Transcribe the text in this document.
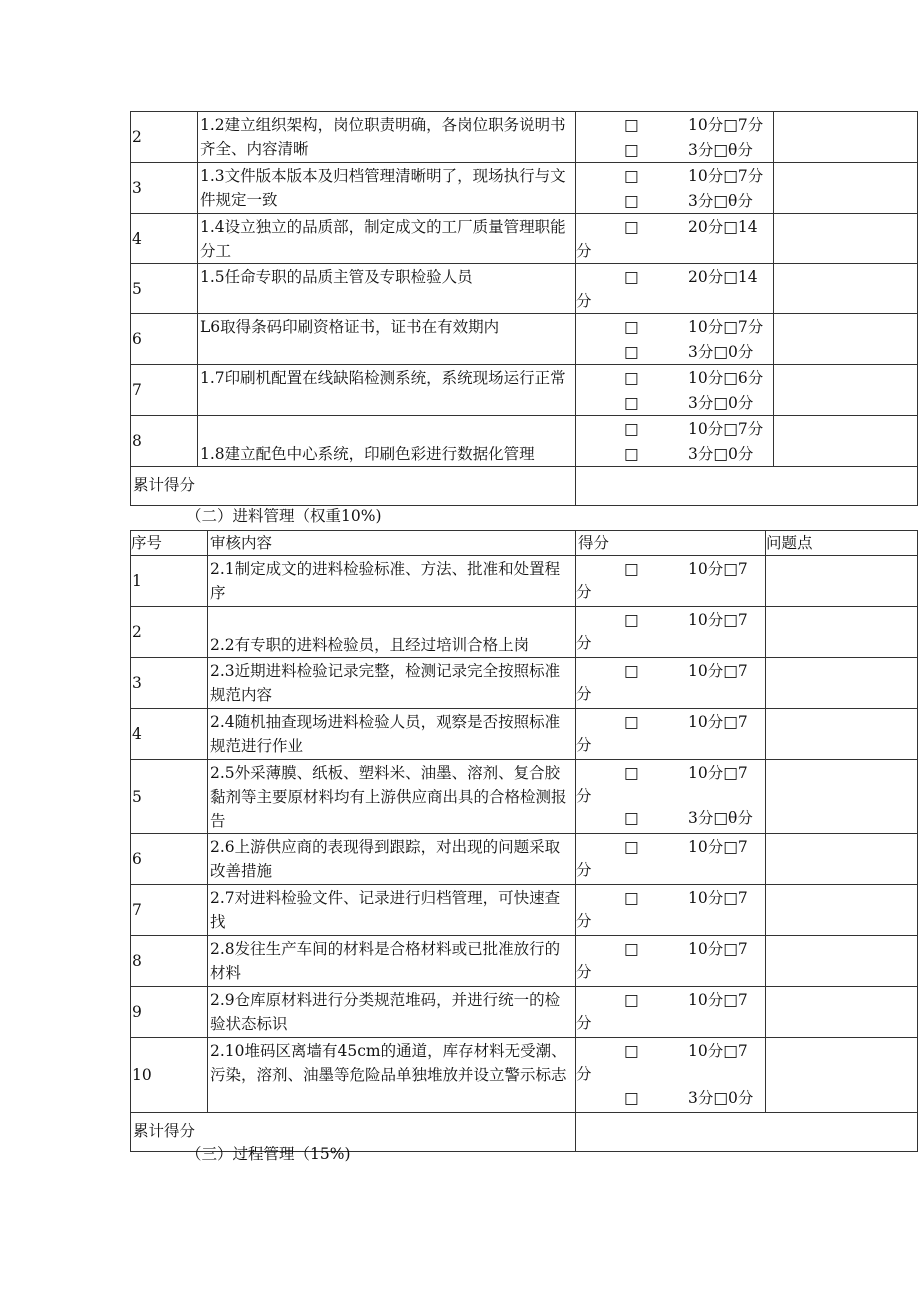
2	1.2建立组织架构，岗位职责明确，各岗位职务说明书齐全、内容清晰	□ 10分□7分
□ 3分□θ分	

3	1.3文件版本版本及归档管理清晰明了，现场执行与文件规定一致	□ 10分□7分
□ 3分□θ分	

4	1.4设立独立的品质部，制定成文的工厂质量管理职能分工	□ 20分□14
分	

5	1.5任命专职的品质主管及专职检验人员	□ 20分□14
分	

6	L6取得条码印刷资格证书，证书在有效期内	□ 10分□7分
□ 3分□0分	

7	1.7印刷机配置在线缺陷检测系统，系统现场运行正常	□ 10分□6分
□ 3分□0分	

8	1.8建立配色中心系统，印刷色彩进行数据化管理	□ 10分□7分
□ 3分□0分	

累计得分			
（二）进料管理（权重10%)
序号	审核内容	得分	问题点
1	2.1制定成文的进料检验标准、方法、批准和处置程序	□ 10分□7
分	

2	2.2有专职的进料检验员，且经过培训合格上岗	□ 10分□7
分	

3	2.3近期进料检验记录完整，检测记录完全按照标准规范内容	□ 10分□7
分	

4	2.4随机抽查现场进料检验人员，观察是否按照标准规范进行作业	□ 10分□7
分	

5	2.5外采薄膜、纸板、塑料米、油墨、溶剂、复合胶黏剂等主要原材料均有上游供应商出具的合格检测报告	□ 10分□7
分
□ 3分□θ分	

6	2.6上游供应商的表现得到跟踪，对出现的问题采取改善措施	□ 10分□7
分	

7	2.7对进料检验文件、记录进行归档管理，可快速查找	□ 10分□7
分	

8	2.8发往生产车间的材料是合格材料或已批准放行的材料	□ 10分□7
分	

9	2.9仓库原材料进行分类规范堆码，并进行统一的检验状态标识	□ 10分□7
分	

10	2.10堆码区离墙有45cm的通道，库存材料无受潮、污染，溶剂、油墨等危险品单独堆放并设立警示标志	□ 10分□7
分
□ 3分□0分	

累计得分			
（三）过程管理（15%)
